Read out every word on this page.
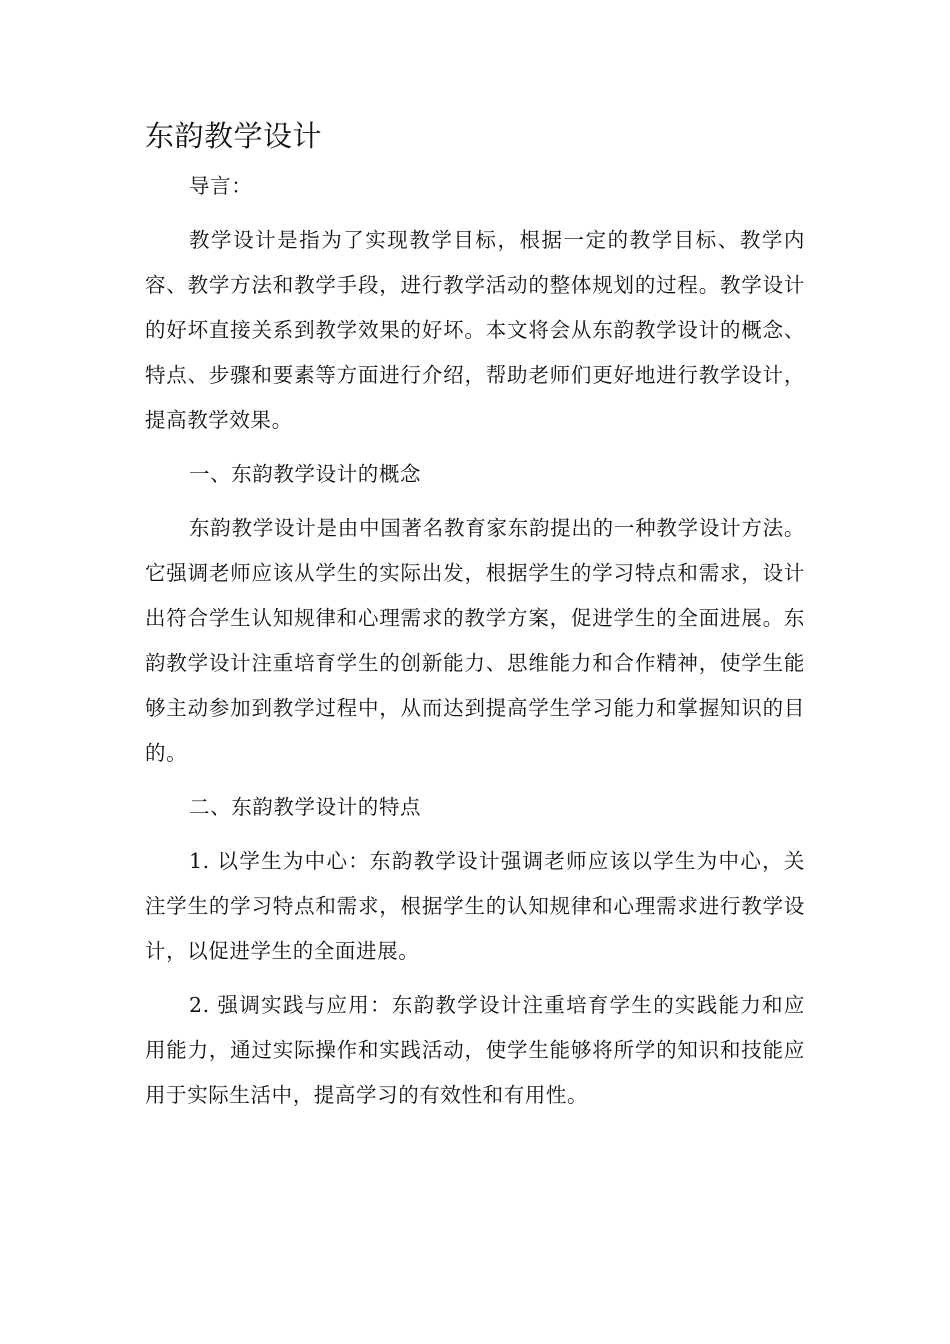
东韵教学设计

导言：

教学设计是指为了实现教学目标，根据一定的教学目标、教学内容、教学方法和教学手段，进行教学活动的整体规划的过程。教学设计的好坏直接关系到教学效果的好坏。本文将会从东韵教学设计的概念、特点、步骤和要素等方面进行介绍，帮助老师们更好地进行教学设计，提高教学效果。

一、东韵教学设计的概念

东韵教学设计是由中国著名教育家东韵提出的一种教学设计方法。它强调老师应该从学生的实际出发，根据学生的学习特点和需求，设计出符合学生认知规律和心理需求的教学方案，促进学生的全面进展。东韵教学设计注重培育学生的创新能力、思维能力和合作精神，使学生能够主动参加到教学过程中，从而达到提高学生学习能力和掌握知识的目的。

二、东韵教学设计的特点

1. 以学生为中心：东韵教学设计强调老师应该以学生为中心，关注学生的学习特点和需求，根据学生的认知规律和心理需求进行教学设计，以促进学生的全面进展。

2. 强调实践与应用：东韵教学设计注重培育学生的实践能力和应用能力，通过实际操作和实践活动，使学生能够将所学的知识和技能应用于实际生活中，提高学习的有效性和有用性。
